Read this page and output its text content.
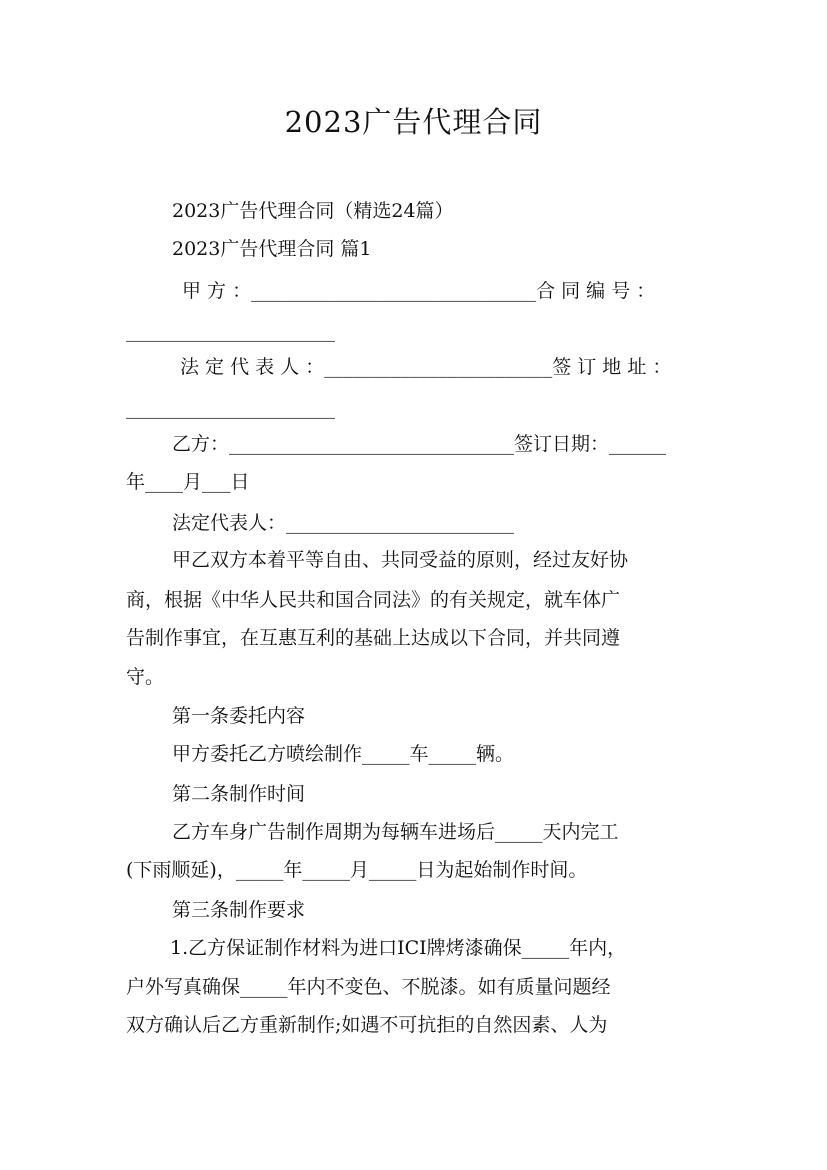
2023广告代理合同
2023广告代理合同（精选24篇）
2023广告代理合同 篇1
甲 方 ：______________________________合 同 编 号 ：
______________________
法 定 代 表 人 ：________________________签 订 地 址 ：
______________________
乙方：______________________________签订日期：______
年____月___日
法定代表人：________________________
甲乙双方本着平等自由、共同受益的原则，经过友好协
商，根据《中华人民共和国合同法》的有关规定，就车体广
告制作事宜，在互惠互利的基础上达成以下合同，并共同遵
守。
第一条委托内容
甲方委托乙方喷绘制作_____车_____辆。
第二条制作时间
乙方车身广告制作周期为每辆车进场后_____天内完工
(下雨顺延)，_____年_____月_____日为起始制作时间。
第三条制作要求
1.乙方保证制作材料为进口ICI牌烤漆确保_____年内，
户外写真确保_____年内不变色、不脱漆。如有质量问题经
双方确认后乙方重新制作;如遇不可抗拒的自然因素、人为
